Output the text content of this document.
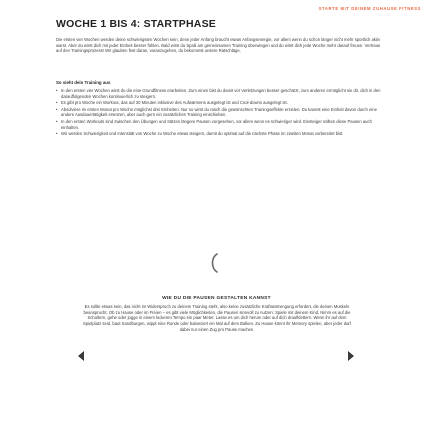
STARTE MIT DEINEM ZUHAUSE FITNESS
WOCHE 1 BIS 4: STARTPHASE

Die ersten vier Wochen werden deine schwierigsten Wochen sein, denn jeder Anfang braucht etwas Anfangsenergie, vor allem wenn du schon länger nicht mehr sportlich aktiv warst. Aber du wirst dich mit jeder Einheit besser fühlen. Bald wirst du Spaß am gemeinsamen Training überwiegen und du wirst dich jede Woche mehr darauf freuen. Vertraue auf den Trainingsprozess! Wir glauben fest daran, voranzugehen, du bekommst unsere Ratschläge.

So sieht dein Training aus
• In den ersten vier Wochen wirst du die eine Grundfitness erarbeiten. Zum einen bist du damit vor Verletzungen besser geschützt, zum anderen ermöglicht sie dir, dich in den darauffolgenden Wochen kontinuierlich zu steigern.
• Es gibt pro Woche ein Workout, das auf 30 Minuten inklusive des Aufwärmens ausgelegt ist und Cool-downs ausgelegt ist.
• Absolviere im ersten Monat pro Woche möglichst drei Einheiten. Nur so wirst du rasch die gewünschten Trainingseffekte erzielen. Du kannst eine Einheit davon durch eine andere Ausdauertätigkeit ersetzen, aber auch gern ein zusätzliches Training einschieben.
• In den ersten Workouts sind zwischen den Übungen und Sätzen längere Pausen vorgesehen, vor allem wenn es schwieriger wird. Einsteiger sollten diese Pausen auch einhalten.
• Wir werden Schwierigkeit und Intensität von Woche zu Woche etwas steigern, damit du optimal auf die nächste Phase im zweiten Monat vorbereitet bist.
WIE DU DIE PAUSEN GESTALTEN KANNST

Es sollte etwas sein, das nicht im Widerspruch zu deinem Training steht, also keine zusätzliche Kraftanstrengung erfordert, die deinen Muskeln beansprucht. Ob zu Hause oder im Freien – es gibt viele Möglichkeiten, die Pausen sinnvoll zu nutzen: Spiele mit deinem Kind, Nimm es auf die Schultern, gehe oder jogge in einem lockeren Tempo ein paar Meter. Lasse es um dich herum oder auf dich draufklettern. Wenn ihr auf dem Spielplatz seid, baut Sandburgen, wippt eine Runde oder balanciert ein Mal auf dem Balken. Zu Hause könnt ihr Memory spielen, aber jeder darf dabei nur einen Zug pro Pause machen.
